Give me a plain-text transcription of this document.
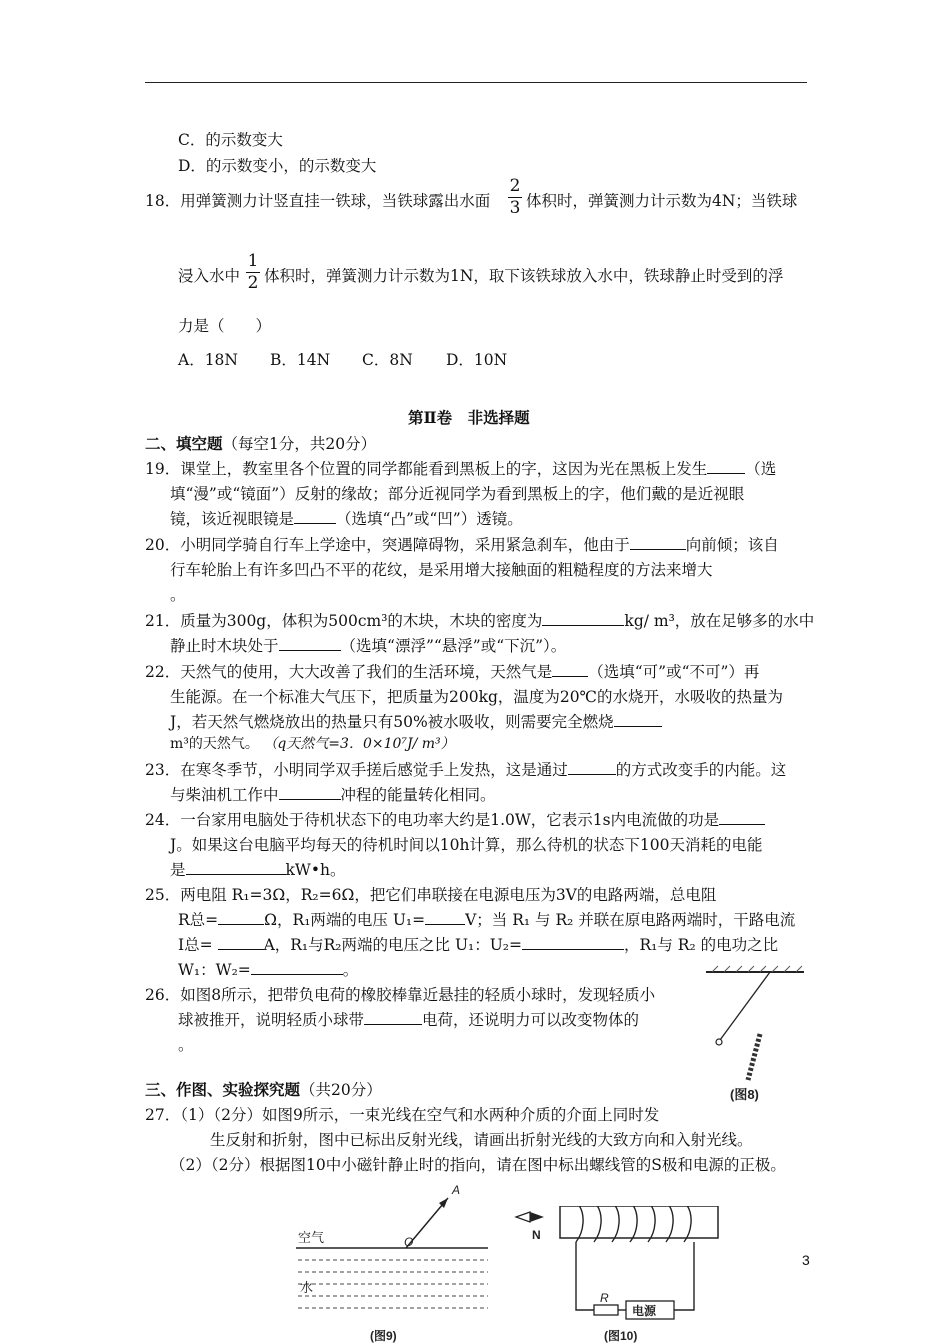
C．的示数变大
D．的示数变小，的示数变大
18．用弹簧测力计竖直挂一铁球，当铁球露出水面
2
3 体积时，弹簧测力计示数为4N；当铁球
浸入水中
1
2 体积时，弹簧测力计示数为1N，取下该铁球放入水中，铁球静止时受到的浮
力是（　　）
A．18N B．14N C．8N D．10N
第Ⅱ卷　非选择题
二、填空题（每空1分，共20分）
19．课堂上，教室里各个位置的同学都能看到黑板上的字，这因为光在黑板上发生 （选
填“漫”或“镜面”）反射的缘故；部分近视同学为看到黑板上的字，他们戴的是近视眼
镜，该近视眼镜是	（选填“凸”或“凹”）透镜。
20．小明同学骑自行车上学途中，突遇障碍物，采用紧急刹车，他由于	向前倾；该自
行车轮胎上有许多凹凸不平的花纹，是采用增大接触面的粗糙程度的方法来增大
。
21．质量为300g，体积为500cm³的木块，木块的密度为	kg/ m³，放在足够多的水中
静止时木块处于	（选填“漂浮”“悬浮”或“下沉”）。
22．天然气的使用，大大改善了我们的生活环境，天然气是 （选填“可”或“不可”）再
生能源。在一个标准大气压下，把质量为200kg，温度为20℃的水烧开，水吸收的热量为
J，若天然气燃烧放出的热量只有50%被水吸收，则需要完全燃烧
m³的天然气。 （q天然气=3．0×10⁷J/ m³）
23．在寒冬季节，小明同学双手搓后感觉手上发热，这是通过	的方式改变手的内能。这
与柴油机工作中	冲程的能量转化相同。
24．一台家用电脑处于待机状态下的电功率大约是1.0W，它表示1s内电流做的功是
J。如果这台电脑平均每天的待机时间以10h计算，那么待机的状态下100天消耗的电能
是	kW•h。
25．两电阻 R₁=3Ω，R₂=6Ω，把它们串联接在电源电压为3V的电路两端，总电阻
R总=	Ω，R₁两端的电压 U₁=	V；当 R₁ 与 R₂ 并联在原电路两端时，干路电流
I总=	A，R₁与R₂两端的电压之比 U₁：U₂=	，R₁与 R₂ 的电功之比
W₁：W₂=	。
26．如图8所示，把带负电荷的橡胶棒靠近悬挂的轻质小球时，发现轻质小
球被推开，说明轻质小球带	电荷，还说明力可以改变物体的
。
(图8)
三、作图、实验探究题（共20分）
27．（1）（2分）如图9所示，一束光线在空气和水两种介质的介面上同时发
生反射和折射，图中已标出反射光线，请画出折射光线的大致方向和入射光线。
（2）（2分）根据图10中小磁针静止时的指向，请在图中标出螺线管的S极和电源的正极。
A
O
空气
水
(图9)
N
R
电源
(图10)
3
